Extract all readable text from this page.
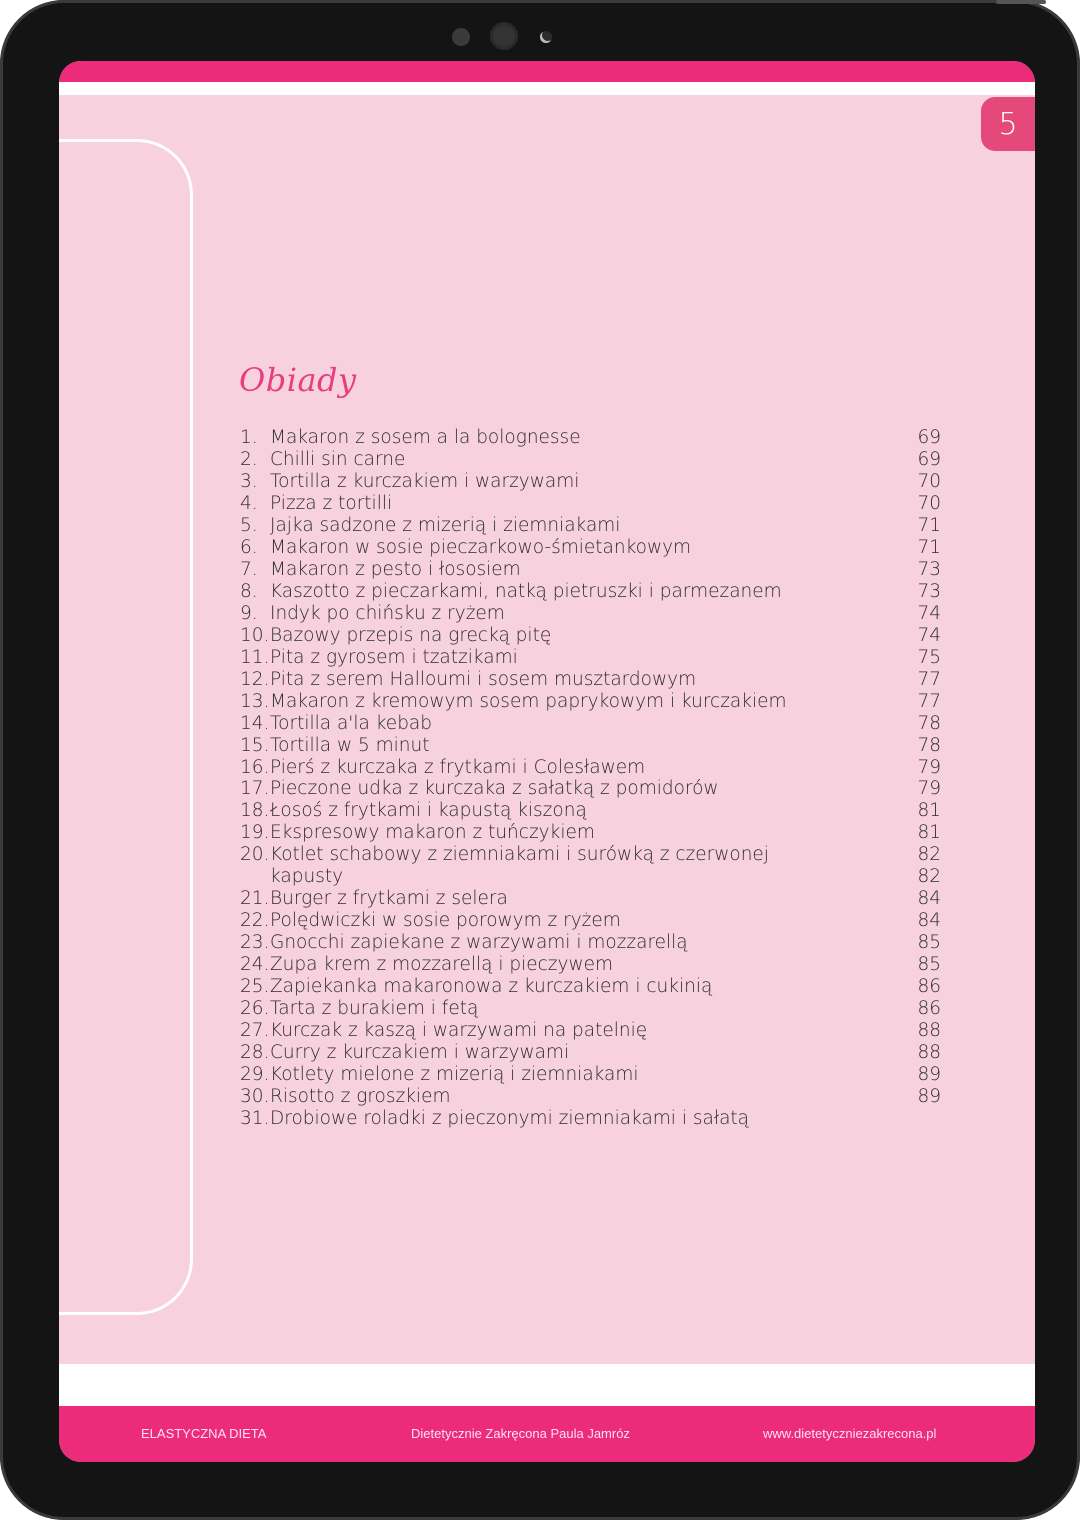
5
Obiady
1. Makaron z sosem a la bolognesse	69
2. Chilli sin carne	69
3. Tortilla z kurczakiem i warzywami	70
4. Pizza z tortilli	70
5. Jajka sadzone z mizerią i ziemniakami	71
6. Makaron w sosie pieczarkowo-śmietankowym	71
7. Makaron z pesto i łososiem	73
8. Kaszotto z pieczarkami, natką pietruszki i parmezanem	73
9. Indyk po chińsku z ryżem	74
10. Bazowy przepis na grecką pitę	74
11. Pita z gyrosem i tzatzikami	75
12. Pita z serem Halloumi i sosem musztardowym	77
13. Makaron z kremowym sosem paprykowym i kurczakiem	77
14. Tortilla a'la kebab	78
15. Tortilla w 5 minut	78
16. Pierś z kurczaka z frytkami i Colesławem	79
17. Pieczone udka z kurczaka z sałatką z pomidorów	79
18. Łosoś z frytkami i kapustą kiszoną	81
19. Ekspresowy makaron z tuńczykiem	81
20. Kotlet schabowy z ziemniakami i surówką z czerwonej	82
kapusty	82
21. Burger z frytkami z selera	84
22. Polędwiczki w sosie porowym z ryżem	84
23. Gnocchi zapiekane z warzywami i mozzarellą	85
24. Zupa krem z mozzarellą i pieczywem	85
25. Zapiekanka makaronowa z kurczakiem i cukinią	86
26. Tarta z burakiem i fetą	86
27. Kurczak z kaszą i warzywami na patelnię	88
28. Curry z kurczakiem i warzywami	88
29. Kotlety mielone z mizerią i ziemniakami	89
30. Risotto z groszkiem	89
31. Drobiowe roladki z pieczonymi ziemniakami i sałatą
ELASTYCZNA DIETA	Dietetycznie Zakręcona Paula Jamróz	www.dietetyczniezakrecona.pl
